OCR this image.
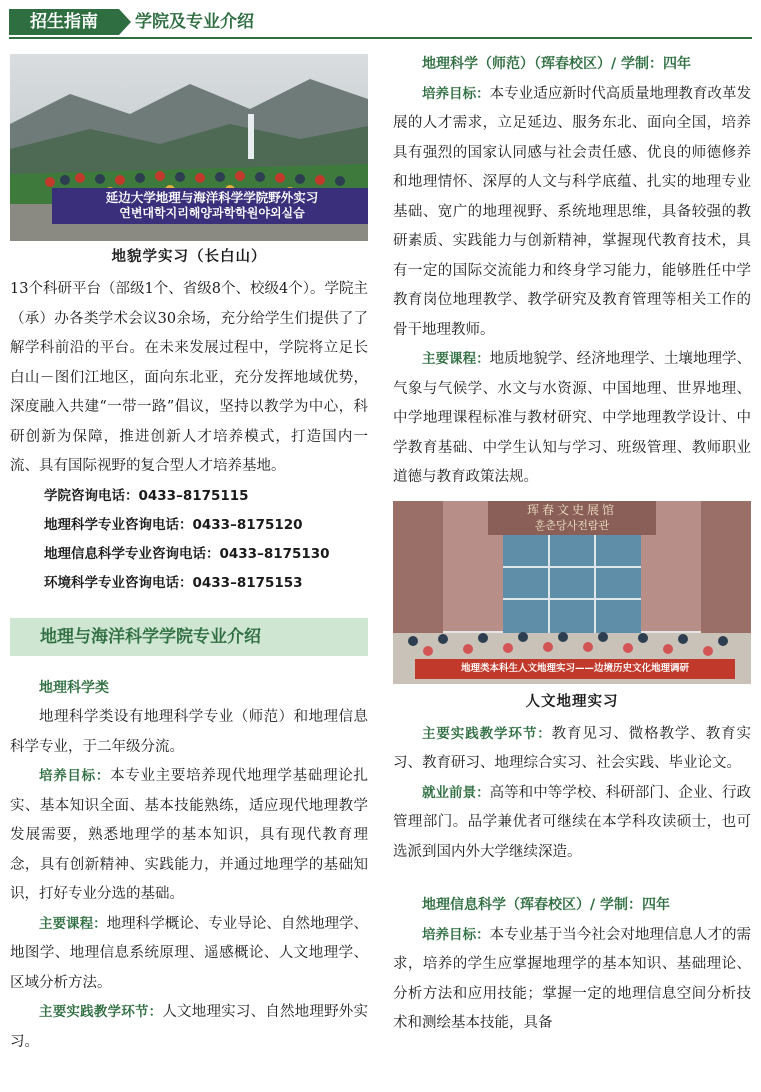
招生指南	学院及专业介绍
延边大学地理与海洋科学学院野外实习
연변대학지리해양과학학원야외실습
地貌学实习（长白山）

13个科研平台（部级1个、省级8个、校级4个）。学院主（承）办各类学术会议30余场，充分给学生们提供了了解学科前沿的平台。在未来发展过程中，学院将立足长白山－图们江地区，面向东北亚，充分发挥地域优势，深度融入共建“一带一路”倡议，坚持以教学为中心，科研创新为保障，推进创新人才培养模式，打造国内一流、具有国际视野的复合型人才培养基地。

学院咨询电话：0433–8175115
地理科学专业咨询电话：0433–8175120
地理信息科学专业咨询电话：0433–8175130
环境科学专业咨询电话：0433–8175153
地理与海洋科学学院专业介绍

地理科学类

地理科学类设有地理科学专业（师范）和地理信息科学专业，于二年级分流。

培养目标：本专业主要培养现代地理学基础理论扎实、基本知识全面、基本技能熟练，适应现代地理教学发展需要，熟悉地理学的基本知识，具有现代教育理念，具有创新精神、实践能力，并通过地理学的基础知识，打好专业分选的基础。

主要课程：地理科学概论、专业导论、自然地理学、地图学、地理信息系统原理、遥感概论、人文地理学、区域分析方法。

主要实践教学环节：人文地理实习、自然地理野外实习。

地理科学（师范）（珲春校区）/ 学制：四年

培养目标：本专业适应新时代高质量地理教育改革发展的人才需求，立足延边、服务东北、面向全国，培养具有强烈的国家认同感与社会责任感、优良的师德修养和地理情怀、深厚的人文与科学底蕴、扎实的地理专业基础、宽广的地理视野、系统地理思维，具备较强的教研素质、实践能力与创新精神，掌握现代教育技术，具有一定的国际交流能力和终身学习能力，能够胜任中学教育岗位地理教学、教学研究及教育管理等相关工作的骨干地理教师。

主要课程：地质地貌学、经济地理学、土壤地理学、气象与气候学、水文与水资源、中国地理、世界地理、中学地理课程标准与教材研究、中学地理教学设计、中学教育基础、中学生认知与学习、班级管理、教师职业道德与教育政策法规。

珲春文史展馆
훈춘당사전람관
地理类本科生人文地理实习——边境历史文化地理调研
人文地理实习

主要实践教学环节：教育见习、微格教学、教育实习、教育研习、地理综合实习、社会实践、毕业论文。

就业前景：高等和中等学校、科研部门、企业、行政管理部门。品学兼优者可继续在本学科攻读硕士，也可选派到国内外大学继续深造。

地理信息科学（珲春校区）/ 学制：四年

培养目标：本专业基于当今社会对地理信息人才的需求，培养的学生应掌握地理学的基本知识、基础理论、分析方法和应用技能；掌握一定的地理信息空间分析技术和测绘基本技能，具备
